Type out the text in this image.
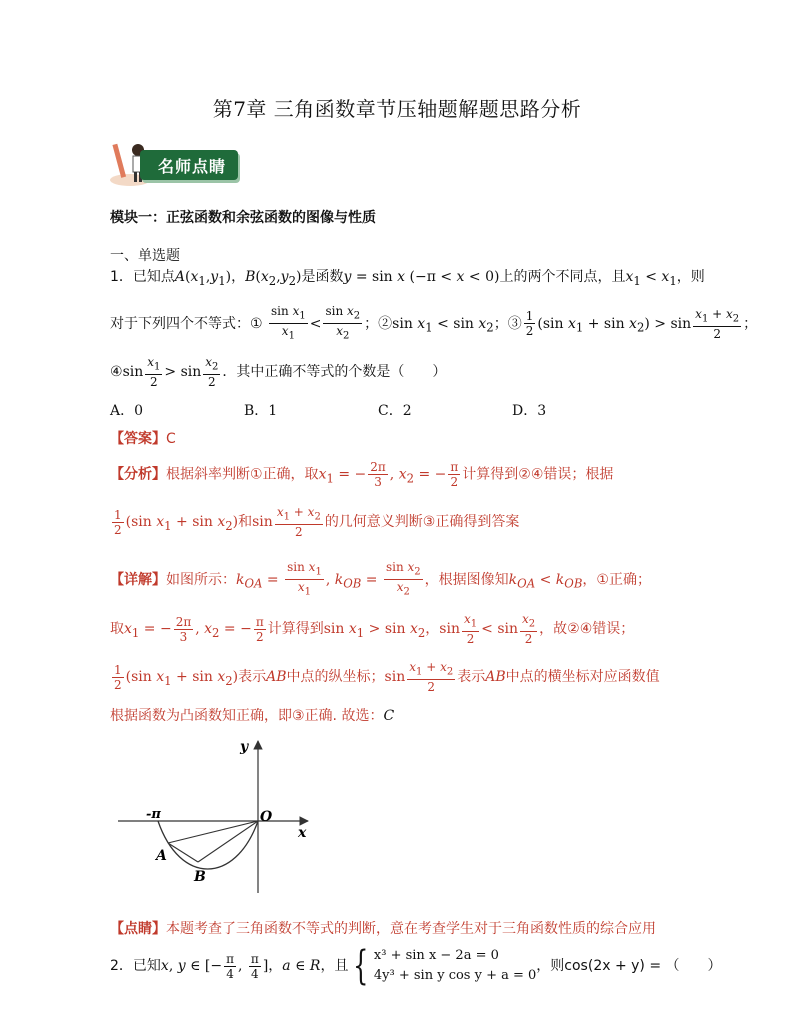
第7章 三角函数章节压轴题解题思路分析
名师点睛
模块一：正弦函数和余弦函数的图像与性质
一、单选题
1．已知点$A(x_1,y_1)$，$B(x_2,y_2)$是函数y = sin x (−π < x < 0)上的两个不同点，且$x_1 < x_1$，则
对于下列四个不等式：① $\frac{\sin x_1}{x_1} < \frac{\sin x_2}{x_2}$ ；②sin $x_1 < \sin x_2$；③ $\frac{1}{2} (\sin$ $x_1 + \sin x_2) > \sin \frac{x_1 + x_2}{2}$ ；
④sin $\frac{x_1}{2} > \sin \frac{x_2}{2}$ ．其中正确不等式的个数是（　　）
A．0	B．1	C．2	D．3
【答案】C
【分析】根据斜率判断①正确，取$x_1$ = − $\frac{2\pi}{3}$ , $x_2$ = − $\frac{\pi}{2}$ 计算得到②④错误；根据
$\frac{1}{2} (\sin$ $x_1 + \sin x_2$)和$\sin \frac{x_1 + x_2}{2}$ 的几何意义判断③正确得到答案
【详解】如图所示：$k_{OA} = \frac{\sin x_1}{x_1}$ , $k_{OB} = \frac{\sin x_2}{x_2}$ ，根据图像知$k_{OA} < k_{OB}$，①正确；
取$x_1$ = − $\frac{2\pi}{3}$ , $x_2$ = − $\frac{\pi}{2}$ 计算得到$\sin x_1 > \sin x_2$，$\sin \frac{x_1}{2} < \sin \frac{x_2}{2}$ ，故②④错误；
$\frac{1}{2} (\sin$ $x_1 + \sin x_2$)表示AB中点的纵坐标；$\sin \frac{x_1 + x_2}{2}$ 表示AB中点的横坐标对应函数值
根据函数为凸函数知正确，即③正确. 故选：C
y
x
O
-π
A
B
【点睛】本题考查了三角函数不等式的判断，意在考查学生对于三角函数性质的综合应用
2．已知x, y ∈ [− $\frac{\pi}{4}$ , $\frac{\pi}{4}$ ]，a ∈ R，且 { x³ + sin x − 2a = 0
4y³ + sin y cos y + a = 0
，则cos(2x + y) = （　　）
